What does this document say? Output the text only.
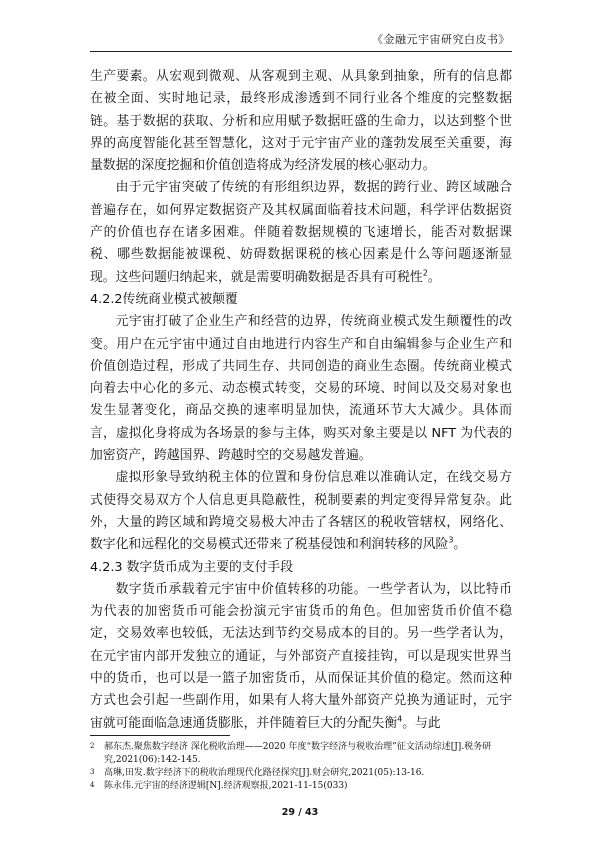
《金融元宇宙研究白皮书》

生产要素。从宏观到微观、从客观到主观、从具象到抽象，所有的信息都在被全面、实时地记录，最终形成渗透到不同行业各个维度的完整数据链。基于数据的获取、分析和应用赋予数据旺盛的生命力，以达到整个世界的高度智能化甚至智慧化，这对于元宇宙产业的蓬勃发展至关重要，海量数据的深度挖掘和价值创造将成为经济发展的核心驱动力。

由于元宇宙突破了传统的有形组织边界，数据的跨行业、跨区域融合普遍存在，如何界定数据资产及其权属面临着技术问题，科学评估数据资产的价值也存在诸多困难。伴随着数据规模的飞速增长，能否对数据课税、哪些数据能被课税、妨碍数据课税的核心因素是什么等问题逐渐显现。这些问题归纳起来，就是需要明确数据是否具有可税性$^2$。

4.2.2传统商业模式被颠覆

元宇宙打破了企业生产和经营的边界，传统商业模式发生颠覆性的改变。用户在元宇宙中通过自由地进行内容生产和自由编辑参与企业生产和价值创造过程，形成了共同生存、共同创造的商业生态圈。传统商业模式向着去中心化的多元、动态模式转变，交易的环境、时间以及交易对象也发生显著变化，商品交换的速率明显加快，流通环节大大减少。具体而言，虚拟化身将成为各场景的参与主体，购买对象主要是以 NFT 为代表的加密资产，跨越国界、跨越时空的交易越发普遍。

虚拟形象导致纳税主体的位置和身份信息难以准确认定，在线交易方式使得交易双方个人信息更具隐蔽性，税制要素的判定变得异常复杂。此外，大量的跨区域和跨境交易极大冲击了各辖区的税收管辖权，网络化、数字化和远程化的交易模式还带来了税基侵蚀和利润转移的风险$^3$。

4.2.3 数字货币成为主要的支付手段

数字货币承载着元宇宙中价值转移的功能。一些学者认为，以比特币为代表的加密货币可能会扮演元宇宙货币的角色。但加密货币价值不稳定，交易效率也较低，无法达到节约交易成本的目的。另一些学者认为，在元宇宙内部开发独立的通证，与外部资产直接挂钩，可以是现实世界当中的货币，也可以是一篮子加密货币，从而保证其价值的稳定。然而这种方式也会引起一些副作用，如果有人将大量外部资产兑换为通证时，元宇宙就可能面临急速通货膨胀，并伴随着巨大的分配失衡$^4$。与此

2	郝东杰.聚焦数字经济 深化税收治理——2020 年度“数字经济与税收治理”征文活动综述[J].税务研究,2021(06):142-145.
3	高琳,田发.数字经济下的税收治理现代化路径探究[J].财会研究,2021(05):13-16.
4	陈永伟.元宇宙的经济逻辑[N].经济观察报,2021-11-15(033)
29 / 43
